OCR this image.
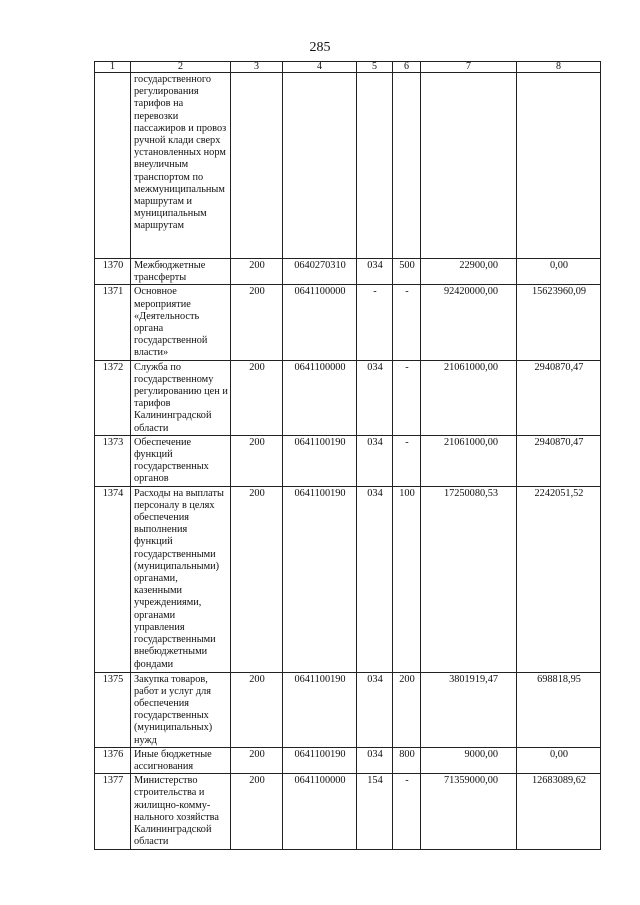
285
1	2	3	4	5	6	7	8
	государственного регулирования тарифов на перевозки пассажиров и провоз ручной клади сверх установленных норм внеуличным транспортом по межмуниципальным маршрутам и муниципальным маршрутам						
1370	Межбюджетные трансферты	200	0640270310	034	500	22900,00	0,00
1371	Основное мероприятие «Деятельность органа государственной власти»	200	0641100000	-	-	92420000,00	15623960,09
1372	Служба по государственному регулированию цен и тарифов Калининградской области	200	0641100000	034	-	21061000,00	2940870,47
1373	Обеспечение функций государственных органов	200	0641100190	034	-	21061000,00	2940870,47
1374	Расходы на выплаты персоналу в целях обеспечения выполнения функций государственными (муниципальными) органами, казенными учреждениями, органами управления государственными внебюджетными фондами	200	0641100190	034	100	17250080,53	2242051,52
1375	Закупка товаров, работ и услуг для обеспечения государственных (муниципальных) нужд	200	0641100190	034	200	3801919,47	698818,95
1376	Иные бюджетные ассигнования	200	0641100190	034	800	9000,00	0,00
1377	Министерство строительства и жилищно-комму-нального хозяйства Калининградской области	200	0641100000	154	-	71359000,00	12683089,62
